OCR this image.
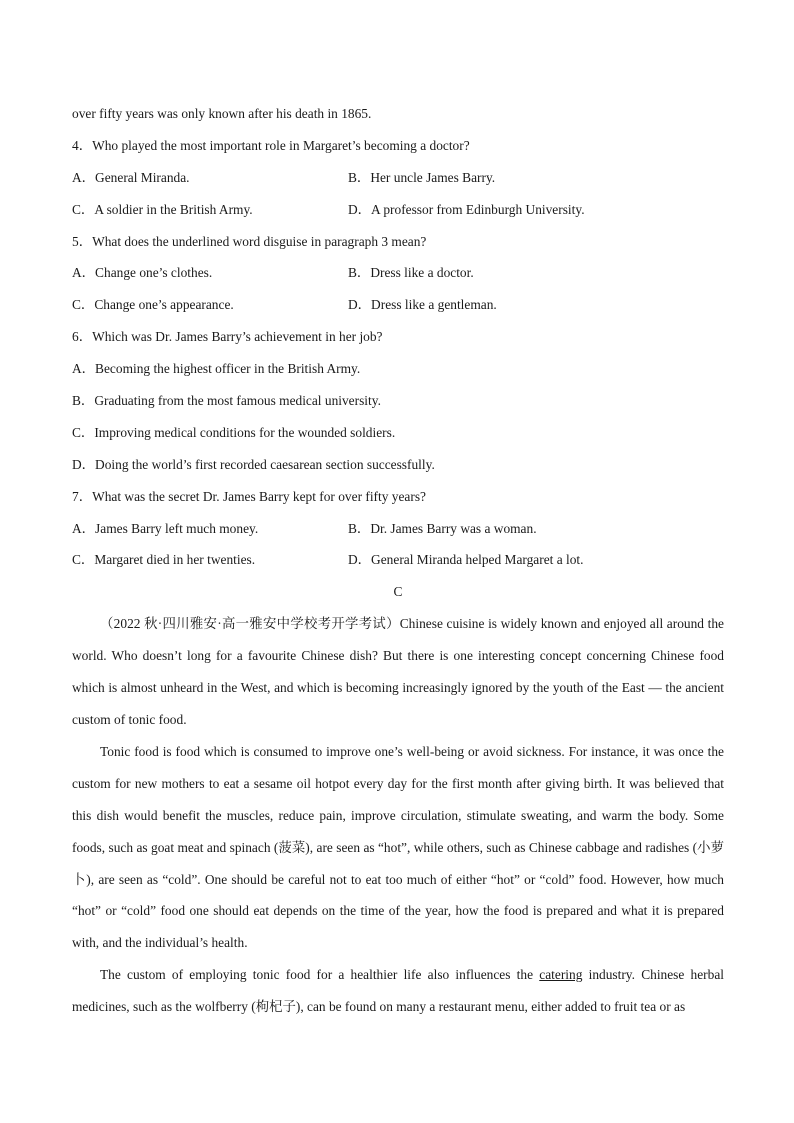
over fifty years was only known after his death in 1865.
4．Who played the most important role in Margaret’s becoming a doctor?
A．General Miranda.	B．Her uncle James Barry.
C．A soldier in the British Army.	D．A professor from Edinburgh University.
5．What does the underlined word disguise in paragraph 3 mean?
A．Change one’s clothes.	B．Dress like a doctor.
C．Change one’s appearance.	D．Dress like a gentleman.
6．Which was Dr. James Barry’s achievement in her job?
A．Becoming the highest officer in the British Army.
B．Graduating from the most famous medical university.
C．Improving medical conditions for the wounded soldiers.
D．Doing the world’s first recorded caesarean section successfully.
7．What was the secret Dr. James Barry kept for over fifty years?
A．James Barry left much money.	B．Dr. James Barry was a woman.
C．Margaret died in her twenties.	D．General Miranda helped Margaret a lot.
C

（2022 秋·四川雅安·高一雅安中学校考开学考试）Chinese cuisine is widely known and enjoyed all around the world. Who doesn’t long for a favourite Chinese dish? But there is one interesting concept concerning Chinese food which is almost unheard in the West, and which is becoming increasingly ignored by the youth of the East — the ancient custom of tonic food.

Tonic food is food which is consumed to improve one’s well-being or avoid sickness. For instance, it was once the custom for new mothers to eat a sesame oil hotpot every day for the first month after giving birth. It was believed that this dish would benefit the muscles, reduce pain, improve circulation, stimulate sweating, and warm the body. Some foods, such as goat meat and spinach (菠菜), are seen as “hot”, while others, such as Chinese cabbage and radishes (小萝卜), are seen as “cold”. One should be careful not to eat too much of either “hot” or “cold” food. However, how much “hot” or “cold” food one should eat depends on the time of the year, how the food is prepared and what it is prepared with, and the individual’s health.

The custom of employing tonic food for a healthier life also influences the catering industry. Chinese herbal medicines, such as the wolfberry (枸杞子), can be found on many a restaurant menu, either added to fruit tea or as
